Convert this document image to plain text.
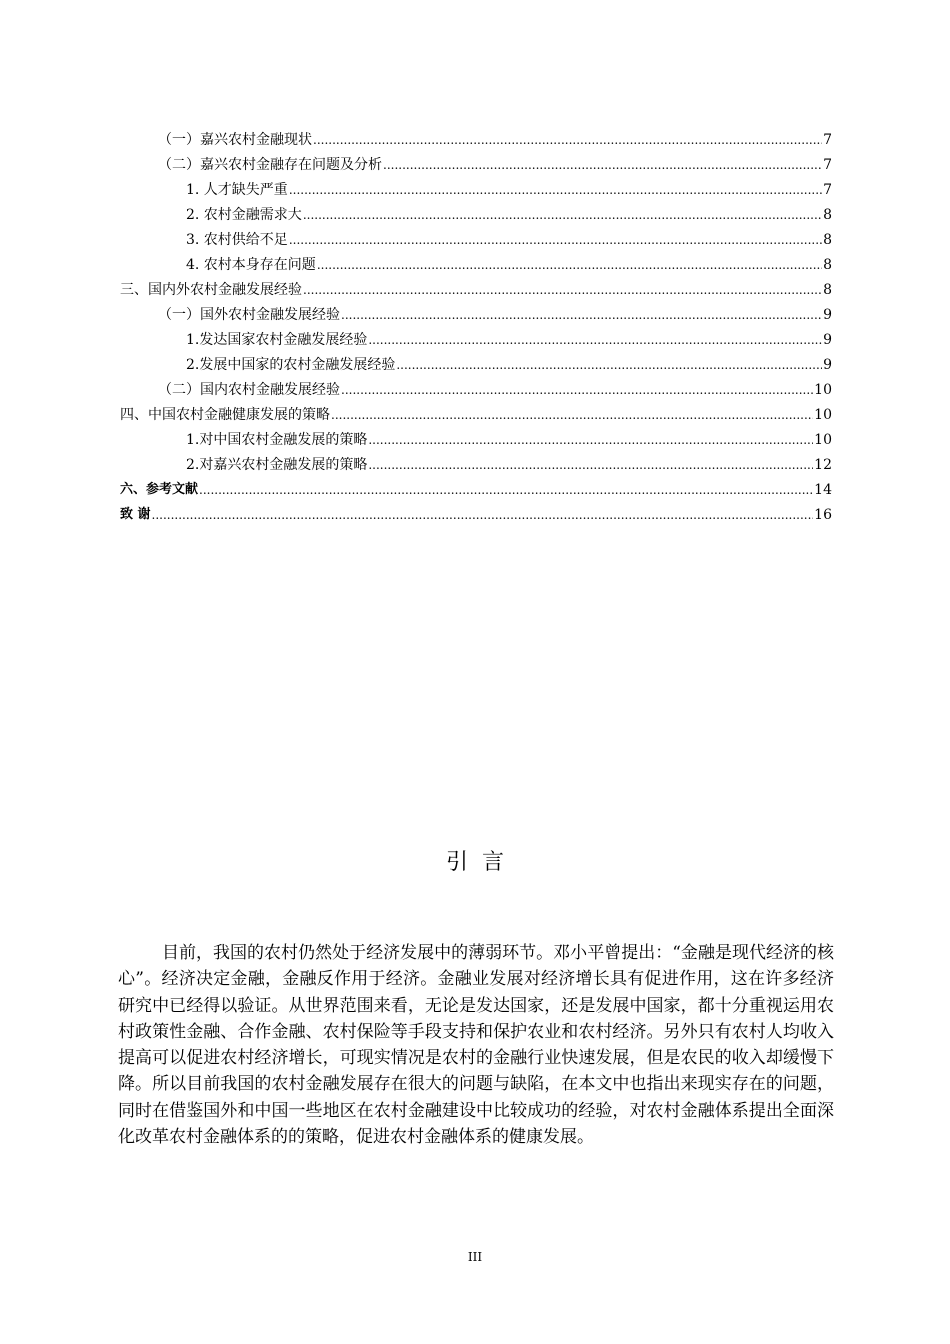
（一）嘉兴农村金融现状 .....	7
（二）嘉兴农村金融存在问题及分析 .....	7
1. 人才缺失严重 .....	7
2. 农村金融需求大 .....	8
3. 农村供给不足 .....	8
4. 农村本身存在问题 .....	8
三、国内外农村金融发展经验 .....	8
（一）国外农村金融发展经验 .....	9
1.发达国家农村金融发展经验 .....	9
2.发展中国家的农村金融发展经验 .....	9
（二）国内农村金融发展经验 .....	10
四、中国农村金融健康发展的策略 .....	10
1.对中国农村金融发展的策略 .....	10
2.对嘉兴农村金融发展的策略 .....	12
六、参考文献 .....	14
致 谢 .....	16
引言

目前，我国的农村仍然处于经济发展中的薄弱环节。邓小平曾提出：“金融是现代经济的核心”。经济决定金融，金融反作用于经济。金融业发展对经济增长具有促进作用，这在许多经济研究中已经得以验证。从世界范围来看，无论是发达国家，还是发展中国家，都十分重视运用农村政策性金融、合作金融、农村保险等手段支持和保护农业和农村经济。另外只有农村人均收入提高可以促进农村经济增长，可现实情况是农村的金融行业快速发展，但是农民的收入却缓慢下降。所以目前我国的农村金融发展存在很大的问题与缺陷，在本文中也指出来现实存在的问题，同时在借鉴国外和中国一些地区在农村金融建设中比较成功的经验，对农村金融体系提出全面深化改革农村金融体系的的策略，促进农村金融体系的健康发展。

III
